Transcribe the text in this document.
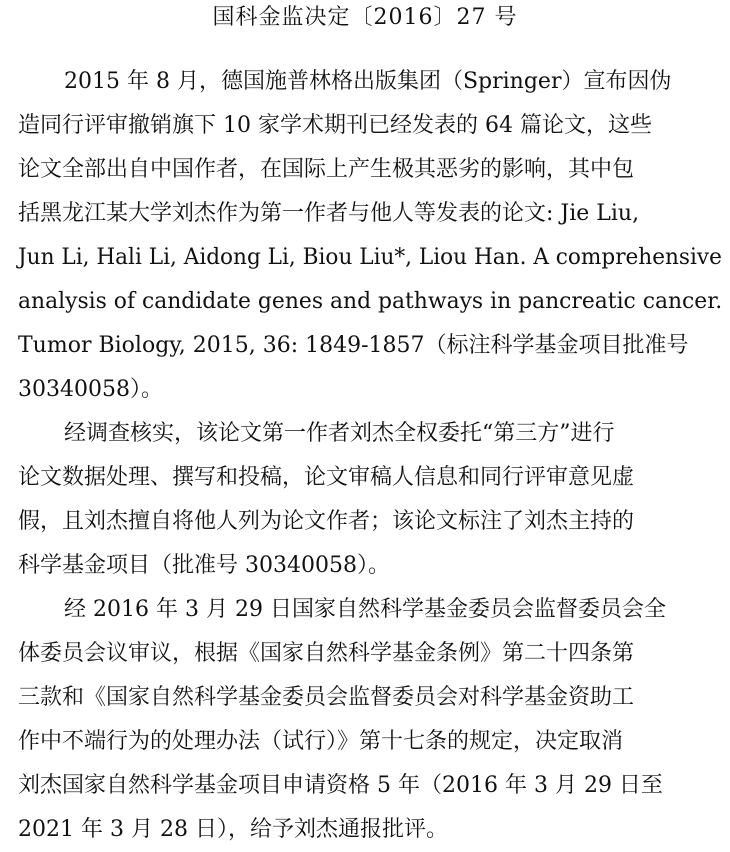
国科金监决定〔2016〕27 号
2015 年 8 月，德国施普林格出版集团（Springer）宣布因伪
造同行评审撤销旗下 10 家学术期刊已经发表的 64 篇论文，这些
论文全部出自中国作者，在国际上产生极其恶劣的影响，其中包
括黑龙江某大学刘杰作为第一作者与他人等发表的论文: Jie Liu,
Jun Li, Hali Li, Aidong Li, Biou Liu*, Liou Han. A comprehensive
analysis of candidate genes and pathways in pancreatic cancer.
Tumor Biology, 2015, 36: 1849-1857（标注科学基金项目批准号
30340058）。
经调查核实，该论文第一作者刘杰全权委托“第三方”进行
论文数据处理、撰写和投稿，论文审稿人信息和同行评审意见虚
假，且刘杰擅自将他人列为论文作者；该论文标注了刘杰主持的
科学基金项目（批准号 30340058）。
经 2016 年 3 月 29 日国家自然科学基金委员会监督委员会全
体委员会议审议，根据《国家自然科学基金条例》第二十四条第
三款和《国家自然科学基金委员会监督委员会对科学基金资助工
作中不端行为的处理办法（试行）》第十七条的规定，决定取消
刘杰国家自然科学基金项目申请资格 5 年（2016 年 3 月 29 日至
2021 年 3 月 28 日），给予刘杰通报批评。
